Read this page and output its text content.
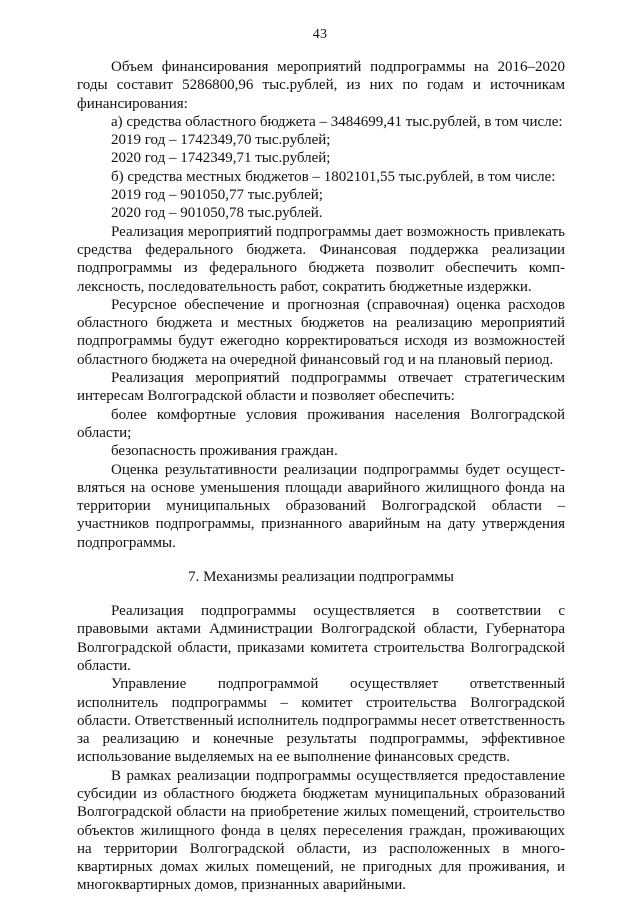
43

Объем финансирования мероприятий подпрограммы на 2016–2020 годы составит 5286800,96 тыс.рублей, из них по годам и источникам финансирования:

а) средства областного бюджета – 3484699,41 тыс.рублей, в том числе:

2019 год – 1742349,70 тыс.рублей;

2020 год – 1742349,71 тыс.рублей;

б) средства местных бюджетов – 1802101,55 тыс.рублей, в том числе:

2019 год – 901050,77 тыс.рублей;

2020 год – 901050,78 тыс.рублей.

Реализация мероприятий подпрограммы дает возможность привлекать средства федерального бюджета. Финансовая поддержка реализации подпрограммы из федерального бюджета позволит обеспечить комплексность, последовательность работ, сократить бюджетные издержки.

Ресурсное обеспечение и прогнозная (справочная) оценка расходов областного бюджета и местных бюджетов на реализацию мероприятий подпрограммы будут ежегодно корректироваться исходя из возможностей областного бюджета на очередной финансовый год и на плановый период.

Реализация мероприятий подпрограммы отвечает стратегическим интересам Волгоградской области и позволяет обеспечить:

более комфортные условия проживания населения Волгоградской области;

безопасность проживания граждан.

Оценка результативности реализации подпрограммы будет осуществляться на основе уменьшения площади аварийного жилищного фонда на территории муниципальных образований Волгоградской области – участников подпрограммы, признанного аварийным на дату утверждения подпрограммы.

7. Механизмы реализации подпрограммы

Реализация подпрограммы осуществляется в соответствии с правовыми актами Администрации Волгоградской области, Губернатора Волгоградской области, приказами комитета строительства Волгоградской области.

Управление подпрограммой осуществляет ответственный исполнитель подпрограммы – комитет строительства Волгоградской области. Ответственный исполнитель подпрограммы несет ответственность за реализацию и конечные результаты подпрограммы, эффективное использование выделяемых на ее выполнение финансовых средств.

В рамках реализации подпрограммы осуществляется предоставление субсидии из областного бюджета бюджетам муниципальных образований Волгоградской области на приобретение жилых помещений, строительство объектов жилищного фонда в целях переселения граждан, проживающих на территории Волгоградской области, из расположенных в многоквартирных домах жилых помещений, не пригодных для проживания, и многоквартирных домов, признанных аварийными.
